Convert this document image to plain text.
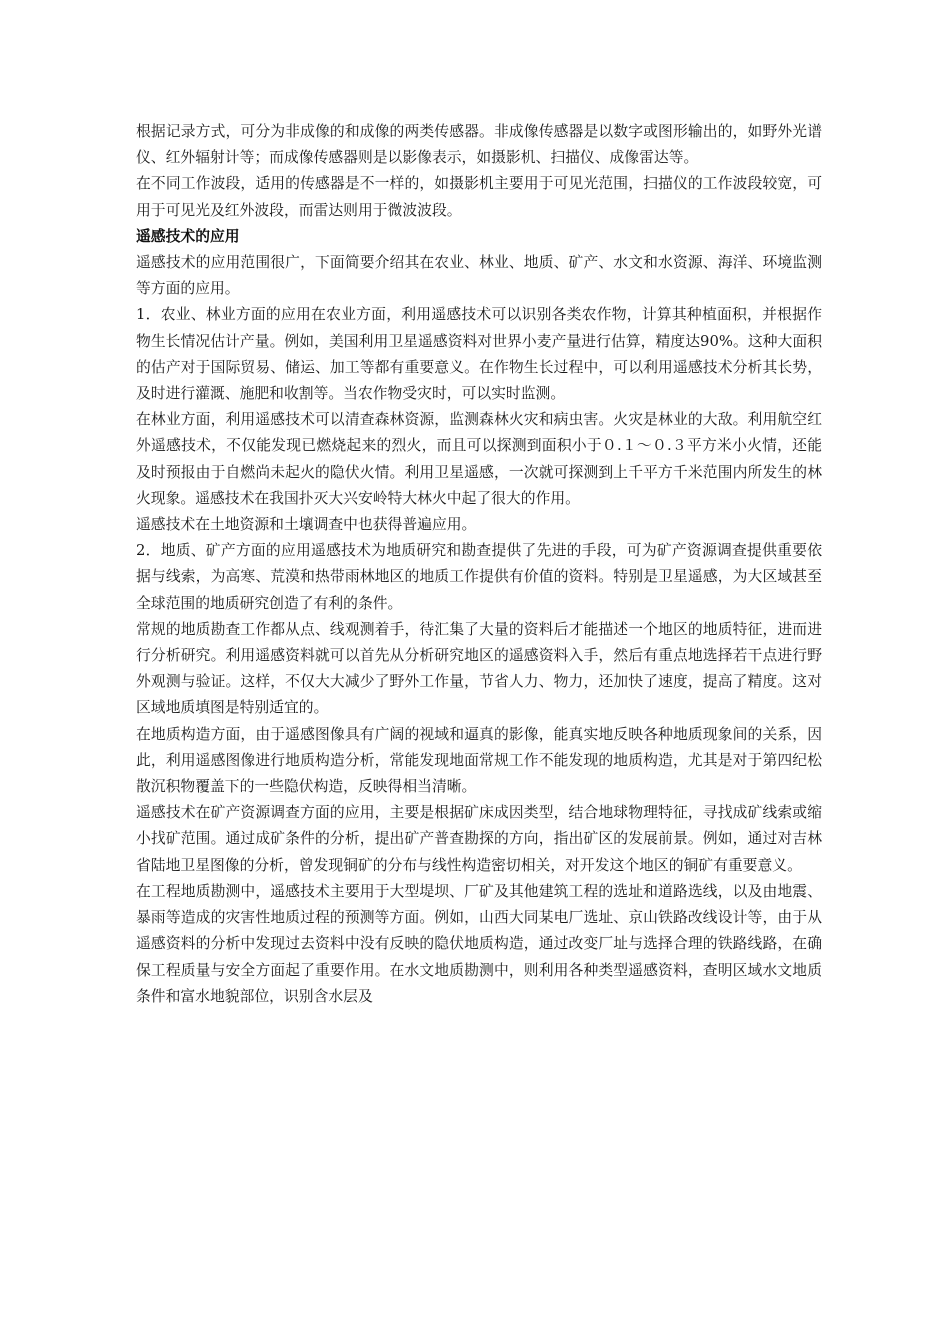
根据记录方式，可分为非成像的和成像的两类传感器。非成像传感器是以数字或图形输出的，如野外光谱仪、红外辐射计等；而成像传感器则是以影像表示，如摄影机、扫描仪、成像雷达等。

在不同工作波段，适用的传感器是不一样的，如摄影机主要用于可见光范围，扫描仪的工作波段较宽，可用于可见光及红外波段，而雷达则用于微波波段。

遥感技术的应用

遥感技术的应用范围很广，下面简要介绍其在农业、林业、地质、矿产、水文和水资源、海洋、环境监测等方面的应用。

1．农业、林业方面的应用在农业方面，利用遥感技术可以识别各类农作物，计算其种植面积，并根据作物生长情况估计产量。例如，美国利用卫星遥感资料对世界小麦产量进行估算，精度达90%。这种大面积的估产对于国际贸易、储运、加工等都有重要意义。在作物生长过程中，可以利用遥感技术分析其长势，及时进行灌溉、施肥和收割等。当农作物受灾时，可以实时监测。

在林业方面，利用遥感技术可以清查森林资源，监测森林火灾和病虫害。火灾是林业的大敌。利用航空红外遥感技术，不仅能发现已燃烧起来的烈火，而且可以探测到面积小于０.１～０.３平方米小火情，还能及时预报由于自燃尚未起火的隐伏火情。利用卫星遥感，一次就可探测到上千平方千米范围内所发生的林火现象。遥感技术在我国扑灭大兴安岭特大林火中起了很大的作用。

遥感技术在土地资源和土壤调查中也获得普遍应用。

2．地质、矿产方面的应用遥感技术为地质研究和勘查提供了先进的手段，可为矿产资源调查提供重要依据与线索，为高寒、荒漠和热带雨林地区的地质工作提供有价值的资料。特别是卫星遥感，为大区域甚至全球范围的地质研究创造了有利的条件。

常规的地质勘查工作都从点、线观测着手，待汇集了大量的资料后才能描述一个地区的地质特征，进而进行分析研究。利用遥感资料就可以首先从分析研究地区的遥感资料入手，然后有重点地选择若干点进行野外观测与验证。这样，不仅大大减少了野外工作量，节省人力、物力，还加快了速度，提高了精度。这对区域地质填图是特别适宜的。

在地质构造方面，由于遥感图像具有广阔的视域和逼真的影像，能真实地反映各种地质现象间的关系，因此，利用遥感图像进行地质构造分析，常能发现地面常规工作不能发现的地质构造，尤其是对于第四纪松散沉积物覆盖下的一些隐伏构造，反映得相当清晰。

遥感技术在矿产资源调查方面的应用，主要是根据矿床成因类型，结合地球物理特征，寻找成矿线索或缩小找矿范围。通过成矿条件的分析，提出矿产普查勘探的方向，指出矿区的发展前景。例如，通过对吉林省陆地卫星图像的分析，曾发现铜矿的分布与线性构造密切相关，对开发这个地区的铜矿有重要意义。

在工程地质勘测中，遥感技术主要用于大型堤坝、厂矿及其他建筑工程的选址和道路选线，以及由地震、暴雨等造成的灾害性地质过程的预测等方面。例如，山西大同某电厂选址、京山铁路改线设计等，由于从遥感资料的分析中发现过去资料中没有反映的隐伏地质构造，通过改变厂址与选择合理的铁路线路，在确保工程质量与安全方面起了重要作用。在水文地质勘测中，则利用各种类型遥感资料，查明区域水文地质条件和富水地貌部位，识别含水层及
